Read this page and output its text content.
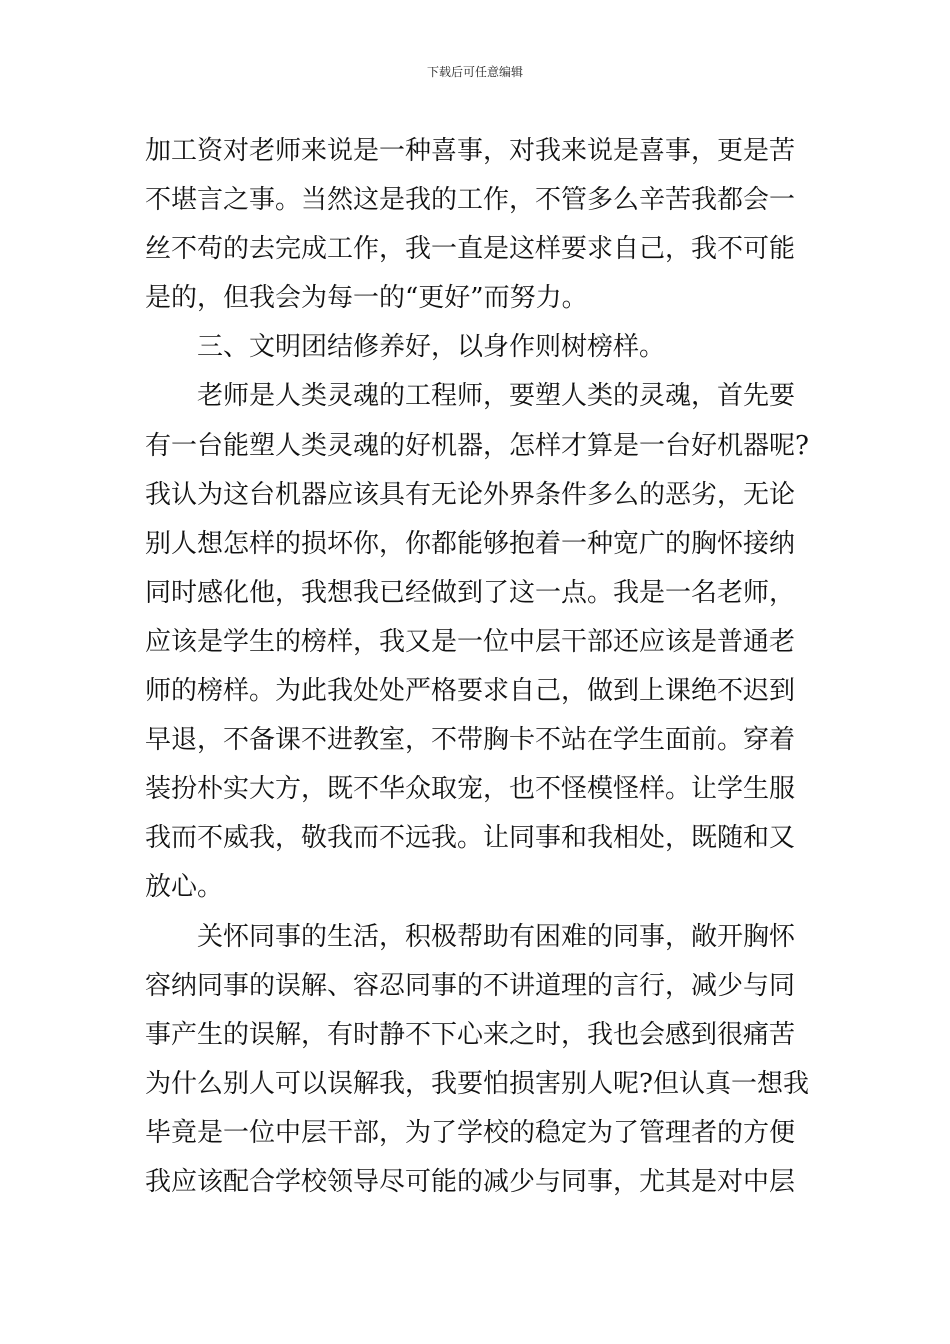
下载后可任意编辑
加工资对老师来说是一种喜事，对我来说是喜事，更是苦
不堪言之事。当然这是我的工作，不管多么辛苦我都会一
丝不苟的去完成工作，我一直是这样要求自己，我不可能
是的，但我会为每一的“更好”而努力。
三、文明团结修养好，以身作则树榜样。
老师是人类灵魂的工程师，要塑人类的灵魂，首先要
有一台能塑人类灵魂的好机器，怎样才算是一台好机器呢?
我认为这台机器应该具有无论外界条件多么的恶劣，无论
别人想怎样的损坏你，你都能够抱着一种宽广的胸怀接纳
同时感化他，我想我已经做到了这一点。我是一名老师，
应该是学生的榜样，我又是一位中层干部还应该是普通老
师的榜样。为此我处处严格要求自己，做到上课绝不迟到
早退，不备课不进教室，不带胸卡不站在学生面前。穿着
装扮朴实大方，既不华众取宠，也不怪模怪样。让学生服
我而不威我，敬我而不远我。让同事和我相处，既随和又
放心。
关怀同事的生活，积极帮助有困难的同事，敞开胸怀
容纳同事的误解、容忍同事的不讲道理的言行，减少与同
事产生的误解，有时静不下心来之时，我也会感到很痛苦
为什么别人可以误解我，我要怕损害别人呢?但认真一想我
毕竟是一位中层干部，为了学校的稳定为了管理者的方便
我应该配合学校领导尽可能的减少与同事，尤其是对中层
